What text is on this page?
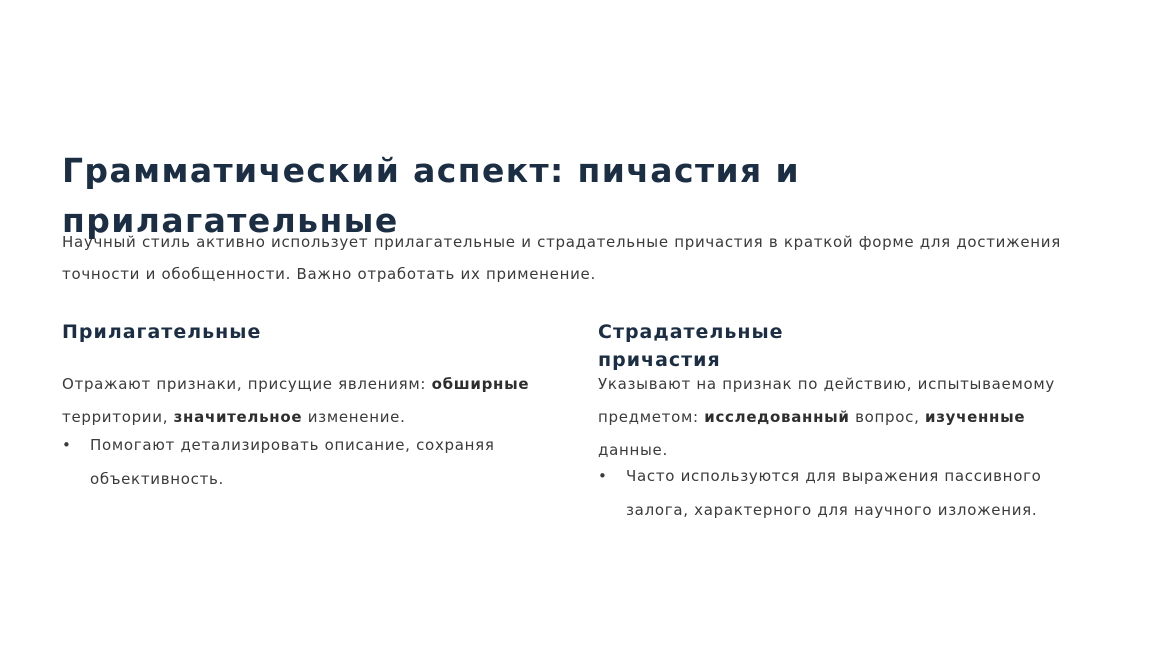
Грамматический аспект: пичастия и прилагательные

Научный стиль активно использует прилагательные и страдательные причастия в краткой форме для достижения точности и обобщенности. Важно отработать их применение.

Прилагательные

Отражают признаки, присущие явлениям: обширные территории, значительное изменение.

• Помогают детализировать описание, сохраняя объективность.

Страдательные причастия

Указывают на признак по действию, испытываемому предметом: исследованный вопрос, изученные данные.

• Часто используются для выражения пассивного залога, характерного для научного изложения.
